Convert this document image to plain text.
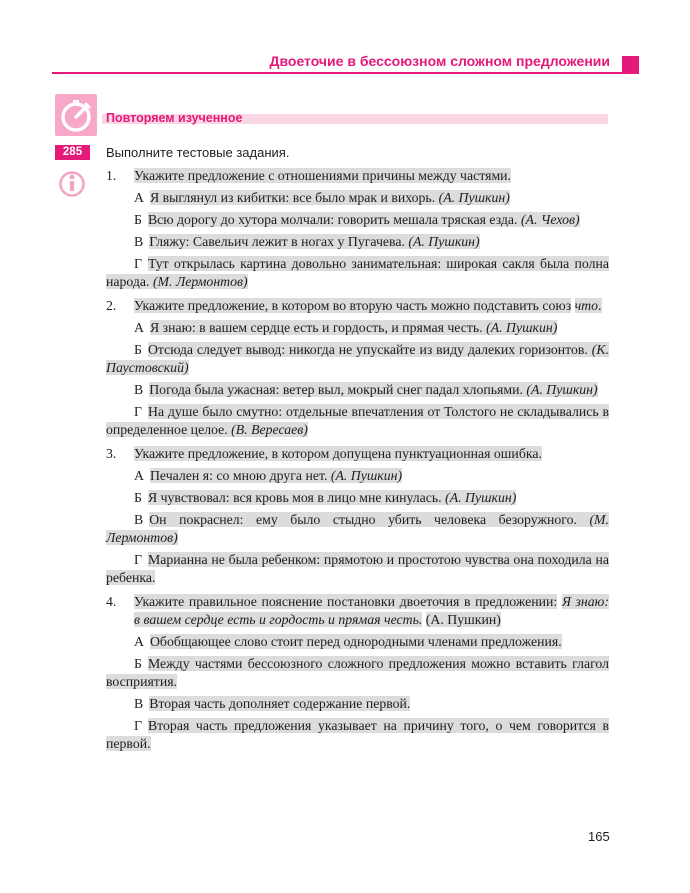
Двоеточие в бессоюзном сложном предложении
Повторяем изученное
285	Выполните тестовые задания.
1. Укажите предложение с отношениями причины между частями.
А Я выглянул из кибитки: все было мрак и вихорь. (А. Пушкин)
Б Всю дорогу до хутора молчали: говорить мешала тряская езда. (А. Чехов)
В Гляжу: Савельич лежит в ногах у Пугачева. (А. Пушкин)
Г Тут открылась картина довольно занимательная: широкая сакля была полна народа. (М. Лермонтов)
2. Укажите предложение, в котором во вторую часть можно подставить союз что.
А Я знаю: в вашем сердце есть и гордость, и прямая честь. (А. Пушкин)
Б Отсюда следует вывод: никогда не упускайте из виду далеких горизонтов. (К. Паустовский)
В Погода была ужасная: ветер выл, мокрый снег падал хлопьями. (А. Пушкин)
Г На душе было смутно: отдельные впечатления от Толстого не складывались в определенное целое. (В. Вересаев)
3. Укажите предложение, в котором допущена пунктуационная ошибка.
А Печален я: со мною друга нет. (А. Пушкин)
Б Я чувствовал: вся кровь моя в лицо мне кинулась. (А. Пушкин)
В Он покраснел: ему было стыдно убить человека безоружного. (М. Лермонтов)
Г Марианна не была ребенком: прямотою и простотою чувства она походила на ребенка.
4. Укажите правильное пояснение постановки двоеточия в предложении: Я знаю: в вашем сердце есть и гордость и прямая честь. (А. Пушкин)
А Обобщающее слово стоит перед однородными членами предложения.
Б Между частями бессоюзного сложного предложения можно вставить глагол восприятия.
В Вторая часть дополняет содержание первой.
Г Вторая часть предложения указывает на причину того, о чем говорится в первой.
165
